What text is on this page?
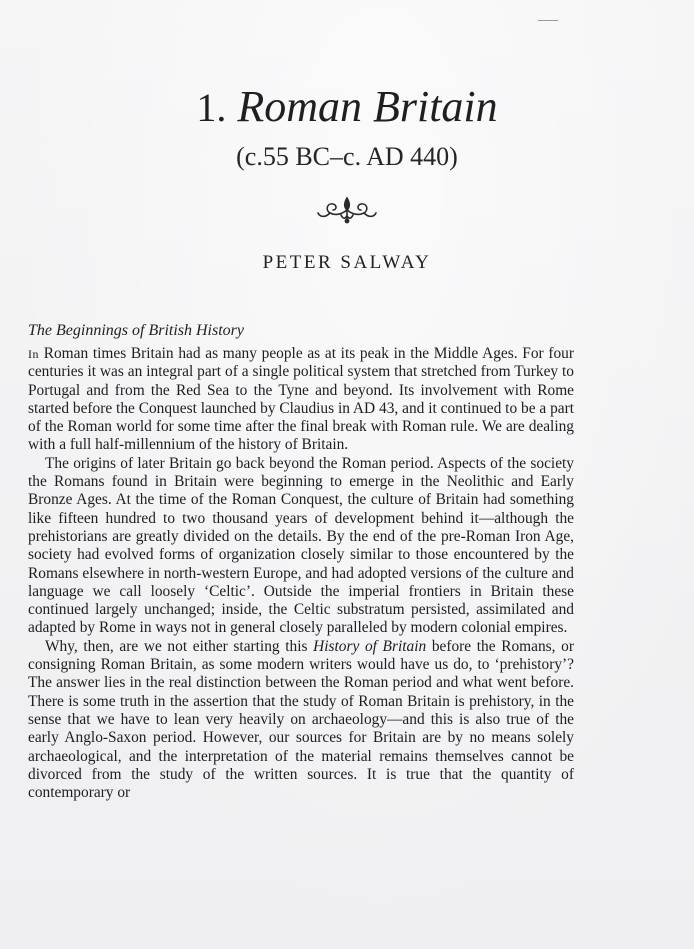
1. Roman Britain
(c.55 BC–c. AD 440)
PETER SALWAY
The Beginnings of British History

In Roman times Britain had as many people as at its peak in the Middle Ages. For four centuries it was an integral part of a single political system that stretched from Turkey to Portugal and from the Red Sea to the Tyne and beyond. Its involvement with Rome started before the Conquest launched by Claudius in AD 43, and it continued to be a part of the Roman world for some time after the final break with Roman rule. We are dealing with a full half-millennium of the history of Britain.

The origins of later Britain go back beyond the Roman period. Aspects of the society the Romans found in Britain were beginning to emerge in the Neolithic and Early Bronze Ages. At the time of the Roman Conquest, the culture of Britain had something like fifteen hundred to two thousand years of development behind it—although the prehistorians are greatly divided on the details. By the end of the pre-Roman Iron Age, society had evolved forms of organization closely similar to those encountered by the Romans elsewhere in north-western Europe, and had adopted versions of the culture and language we call loosely ‘Celtic’. Outside the imperial frontiers in Britain these continued largely unchanged; inside, the Celtic substratum persisted, assimilated and adapted by Rome in ways not in general closely paralleled by modern colonial empires.

Why, then, are we not either starting this History of Britain before the Romans, or consigning Roman Britain, as some modern writers would have us do, to ‘prehistory’? The answer lies in the real distinction between the Roman period and what went before. There is some truth in the assertion that the study of Roman Britain is prehistory, in the sense that we have to lean very heavily on archaeology—and this is also true of the early Anglo-Saxon period. However, our sources for Britain are by no means solely archaeological, and the interpretation of the material remains themselves cannot be divorced from the study of the written sources. It is true that the quantity of contemporary or
